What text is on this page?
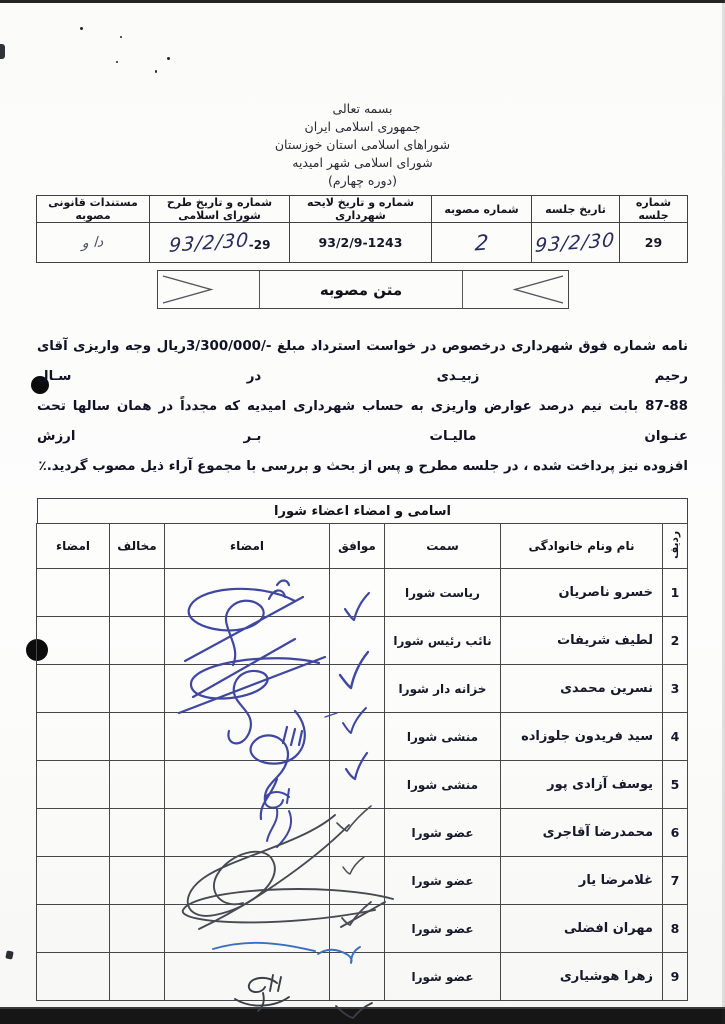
بسمه تعالی
جمهوری اسلامی ایران
شوراهای اسلامی استان خوزستان
شورای اسلامی شهر امیدیه
(دوره چهارم)
شماره جلسه	تاریخ جلسه	شماره مصوبه	شماره و تاریخ لایحه شهرداری	شماره و تاریخ طرح شورای اسلامی	مستندات قانونی مصوبه
29	93/2/30	2	93/2/9-1243	93/2/30-29	دا و
متن مصوبه
نامه شماره فوق شهرداری درخصوص در خواست استرداد مبلغ ‪3/300/000/-‬ریال وجه واریزی آقای رحیم زبیـدی در سـال
‪87-88‬ بابت نیم درصد عوارض واریزی به حساب شهرداری امیدیه که مجدداً در همان سالها تحت عنـوان مالیـات بـر ارزش
افزوده نیز پرداخت شده ، در جلسه مطرح و پس از بحث و بررسی با مجموع آراء ذیل مصوب گردید.٪
اسامی و امضاء اعضاء شورا
ردیف	نام ونام خانوادگی	سمت	موافق	امضاء	مخالف	امضاء
1	خسرو ناصریان	ریاست شورا				
2	لطیف شریفات	نائب رئیس شورا				
3	نسرین محمدی	خزانه دار شورا				
4	سید فریدون جلوزاده	منشی شورا				
5	یوسف آزادی پور	منشی شورا				
6	محمدرضا آقاجری	عضو شورا				
7	غلامرضا یار	عضو شورا				
8	مهران افضلی	عضو شورا				
9	زهرا هوشیاری	عضو شورا				
